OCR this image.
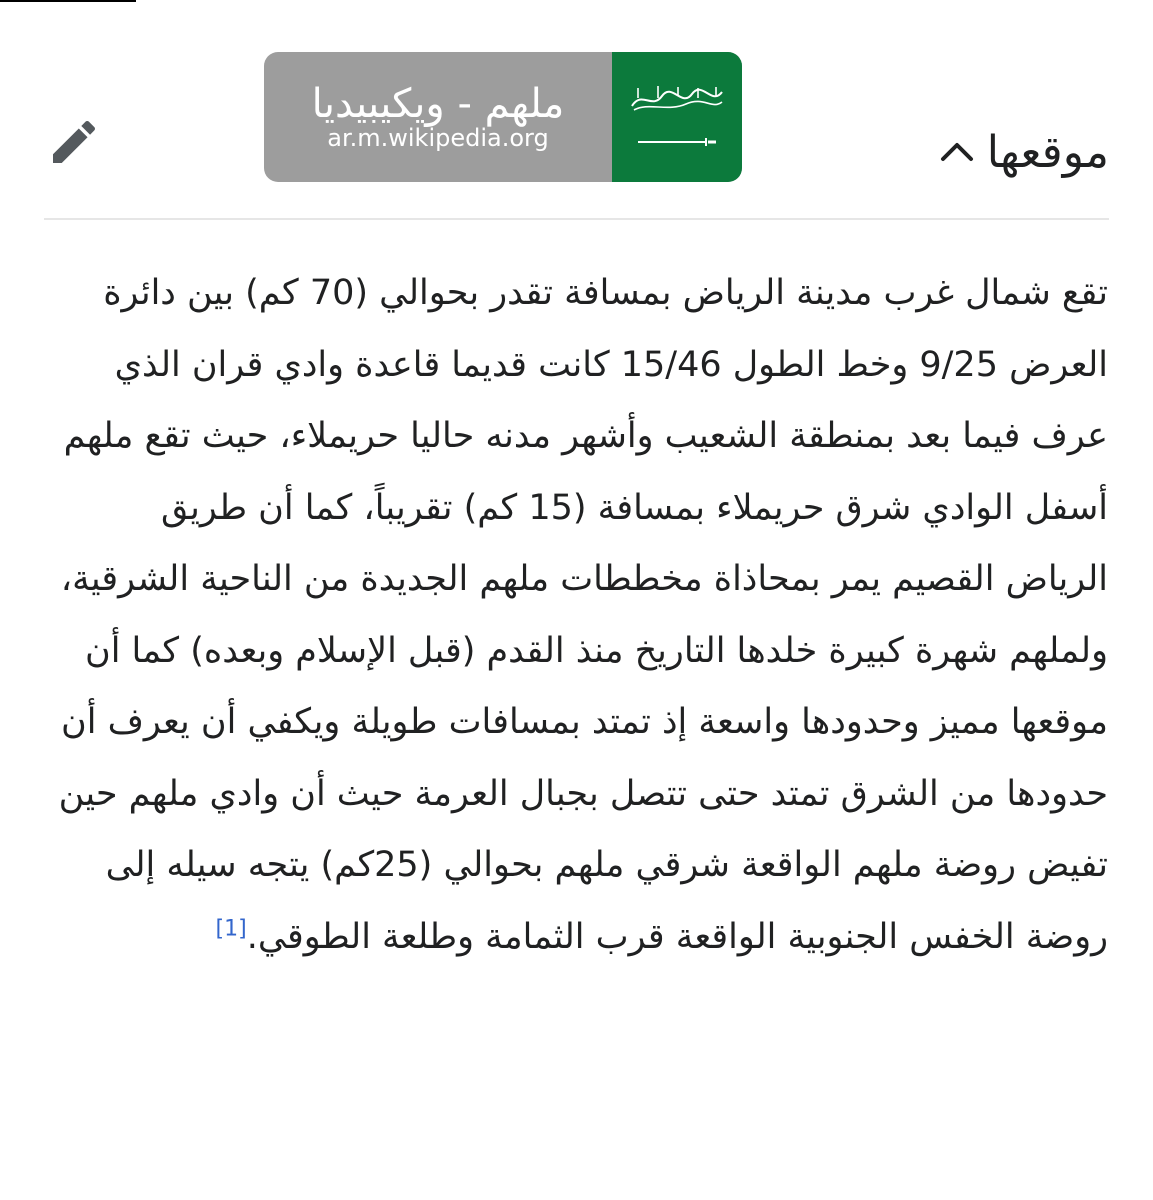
موقعها
ملهم - ويكيبيديا
ar.m.wikipedia.org

تقع شمال غرب مدينة الرياض بمسافة تقدر بحوالي (70 كم) بين دائرة العرض 9/25 وخط الطول 15/46 كانت قديما قاعدة وادي قران الذي عرف فيما بعد بمنطقة الشعيب وأشهر مدنه حاليا حريملاء، حيث تقع ملهم أسفل الوادي شرق حريملاء بمسافة (15 كم) تقريباً، كما أن طريق الرياض القصيم يمر بمحاذاة مخططات ملهم الجديدة من الناحية الشرقية، ولملهم شهرة كبيرة خلدها التاريخ منذ القدم (قبل الإسلام وبعده) كما أن موقعها مميز وحدودها واسعة إذ تمتد بمسافات طويلة ويكفي أن يعرف أن حدودها من الشرق تمتد حتى تتصل بجبال العرمة حيث أن وادي ملهم حين تفيض روضة ملهم الواقعة شرقي ملهم بحوالي (25كم) يتجه سيله إلى روضة الخفس الجنوبية الواقعة قرب الثمامة وطلعة الطوقي.[1]
